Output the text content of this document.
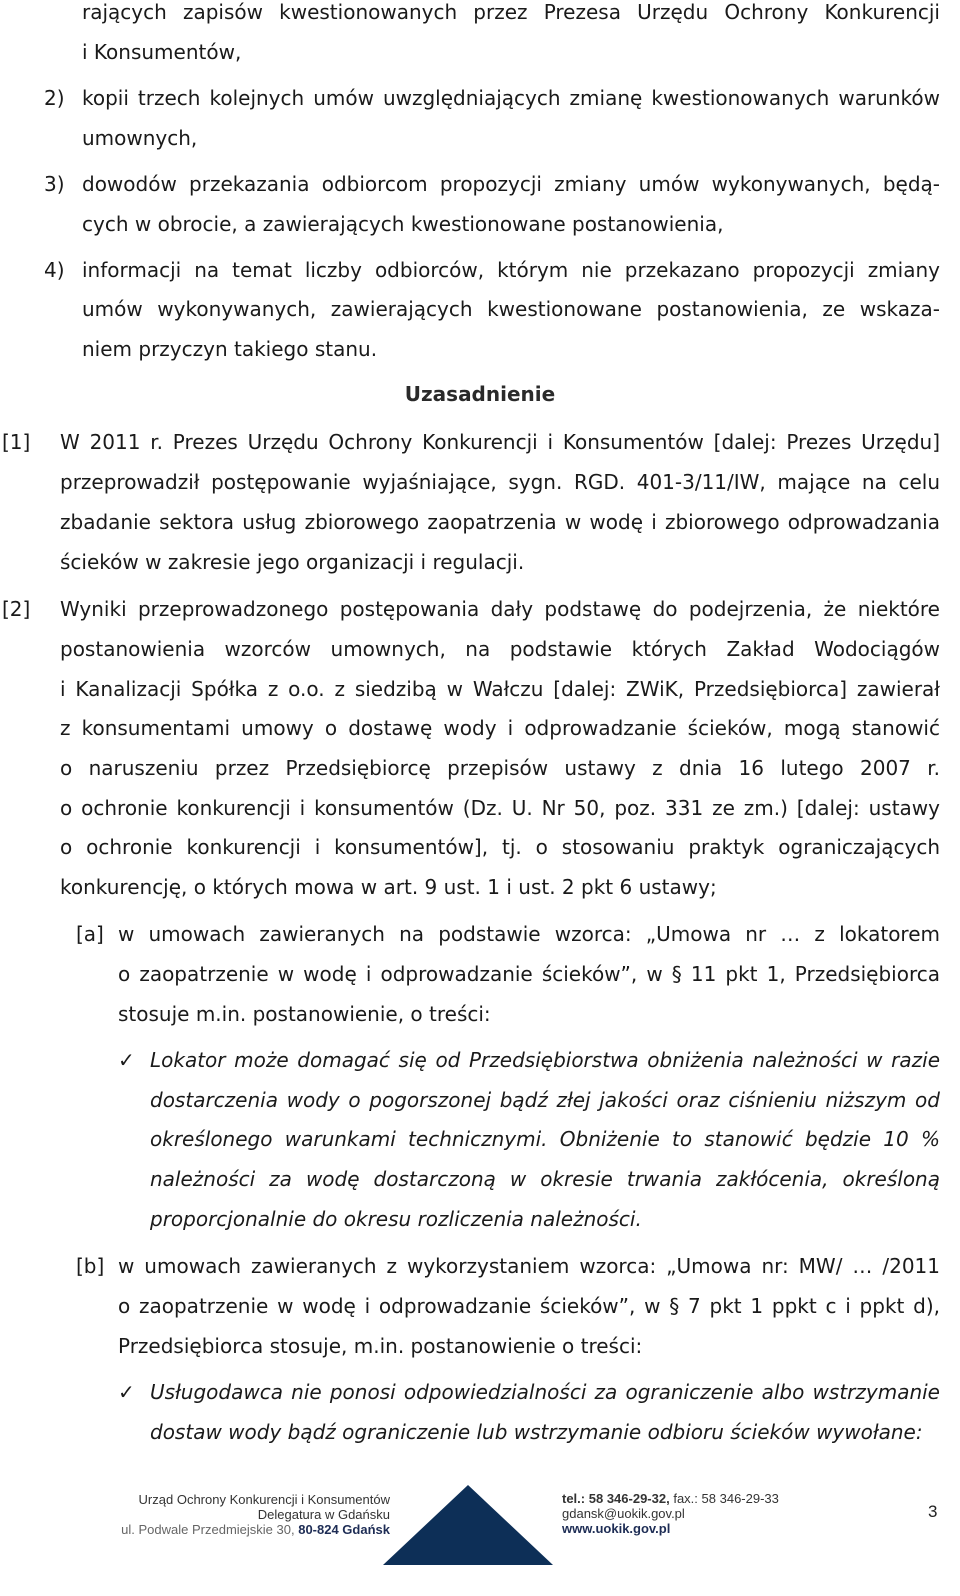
rających zapisów kwestionowanych przez Prezesa Urzędu Ochrony Konkurencji
i Konsumentów,
2) kopii trzech kolejnych umów uwzględniających zmianę kwestionowanych warunków
umownych,
3) dowodów przekazania odbiorcom propozycji zmiany umów wykonywanych, będą-
cych w obrocie, a zawierających kwestionowane postanowienia,
4) informacji na temat liczby odbiorców, którym nie przekazano propozycji zmiany
umów wykonywanych, zawierających kwestionowane postanowienia, ze wskaza-
niem przyczyn takiego stanu.
Uzasadnienie
[1] W 2011 r. Prezes Urzędu Ochrony Konkurencji i Konsumentów [dalej: Prezes Urzędu]
przeprowadził postępowanie wyjaśniające, sygn. RGD. 401-3/11/IW, mające na celu
zbadanie sektora usług zbiorowego zaopatrzenia w wodę i zbiorowego odprowadzania
ścieków w zakresie jego organizacji i regulacji.
[2] Wyniki przeprowadzonego postępowania dały podstawę do podejrzenia, że niektóre
postanowienia wzorców umownych, na podstawie których Zakład Wodociągów
i Kanalizacji Spółka z o.o. z siedzibą w Wałczu [dalej: ZWiK, Przedsiębiorca] zawierał
z konsumentami umowy o dostawę wody i odprowadzanie ścieków, mogą stanowić
o naruszeniu przez Przedsiębiorcę przepisów ustawy z dnia 16 lutego 2007 r.
o ochronie konkurencji i konsumentów (Dz. U. Nr 50, poz. 331 ze zm.) [dalej: ustawy
o ochronie konkurencji i konsumentów], tj. o stosowaniu praktyk ograniczających
konkurencję, o których mowa w art. 9 ust. 1 i ust. 2 pkt 6 ustawy;
[a] w umowach zawieranych na podstawie wzorca: „Umowa nr … z lokatorem
o zaopatrzenie w wodę i odprowadzanie ścieków”, w § 11 pkt 1, Przedsiębiorca
stosuje m.in. postanowienie, o treści:
✓ Lokator może domagać się od Przedsiębiorstwa obniżenia należności w razie
dostarczenia wody o pogorszonej bądź złej jakości oraz ciśnieniu niższym od
określonego warunkami technicznymi. Obniżenie to stanowić będzie 10 %
należności za wodę dostarczoną w okresie trwania zakłócenia, określoną
proporcjonalnie do okresu rozliczenia należności.
[b] w umowach zawieranych z wykorzystaniem wzorca: „Umowa nr: MW/ … /2011
o zaopatrzenie w wodę i odprowadzanie ścieków”, w § 7 pkt 1 ppkt c i ppkt d),
Przedsiębiorca stosuje, m.in. postanowienie o treści:
✓ Usługodawca nie ponosi odpowiedzialności za ograniczenie albo wstrzymanie
dostaw wody bądź ograniczenie lub wstrzymanie odbioru ścieków wywołane:
Urząd Ochrony Konkurencji i Konsumentów
Delegatura w Gdańsku
ul. Podwale Przedmiejskie 30, 80-824 Gdańsk
tel.: 58 346-29-32, fax.: 58 346-29-33
gdansk@uokik.gov.pl
www.uokik.gov.pl
3
